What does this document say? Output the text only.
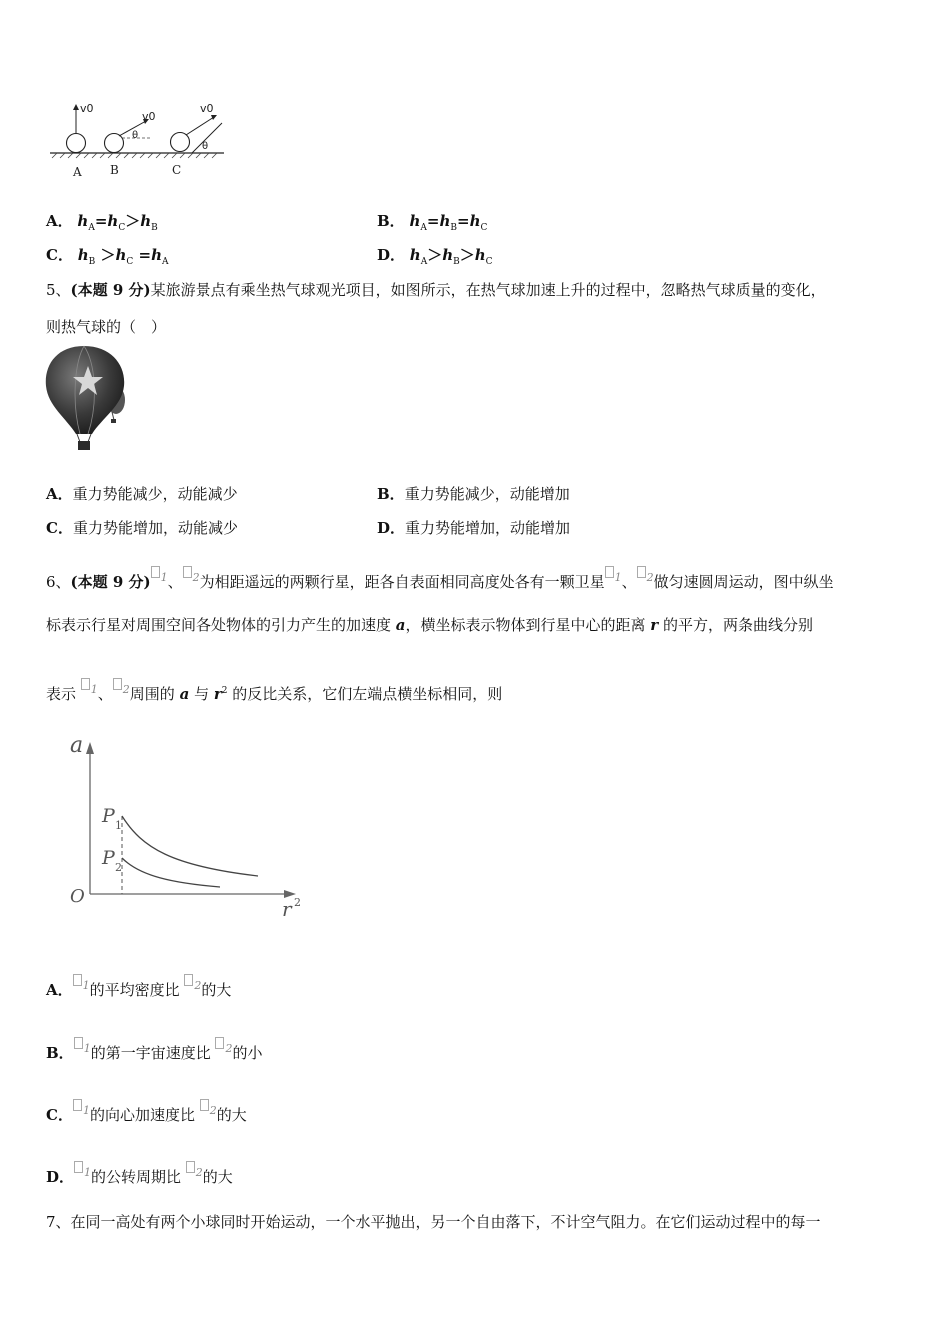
v0
v0
θ
v0
θ
A B	C
A． $h_A=h_C>h_B$	B． $h_A=h_B=h_C$
C． $h_B >h_C =h_A$	D． $h_A>h_B>h_C$
5、(本题 9 分)某旅游景点有乘坐热气球观光项目，如图所示，在热气球加速上升的过程中，忽略热气球质量的变化，
则热气球的（　）
A．重力势能减少，动能减少	B．重力势能减少，动能增加
C．重力势能增加，动能减少	D．重力势能增加，动能增加
6、(本题 9 分) 1、 2为相距遥远的两颗行星，距各自表面相同高度处各有一颗卫星 1、 2做匀速圆周运动，图中纵坐
标表示行星对周围空间各处物体的引力产生的加速度 a，横坐标表示物体到行星中心的距离 r 的平方，两条曲线分别
表示 1、 2周围的 a 与 $r^2$ 的反比关系，它们左端点横坐标相同，则
a
r 2
O
P 1
P 2
A． 1的平均密度比 2的大
B． 1的第一宇宙速度比 2的小
C． 1的向心加速度比 2的大
D． 1的公转周期比 2的大
7、在同一高处有两个小球同时开始运动，一个水平抛出，另一个自由落下，不计空气阻力。在它们运动过程中的每一
